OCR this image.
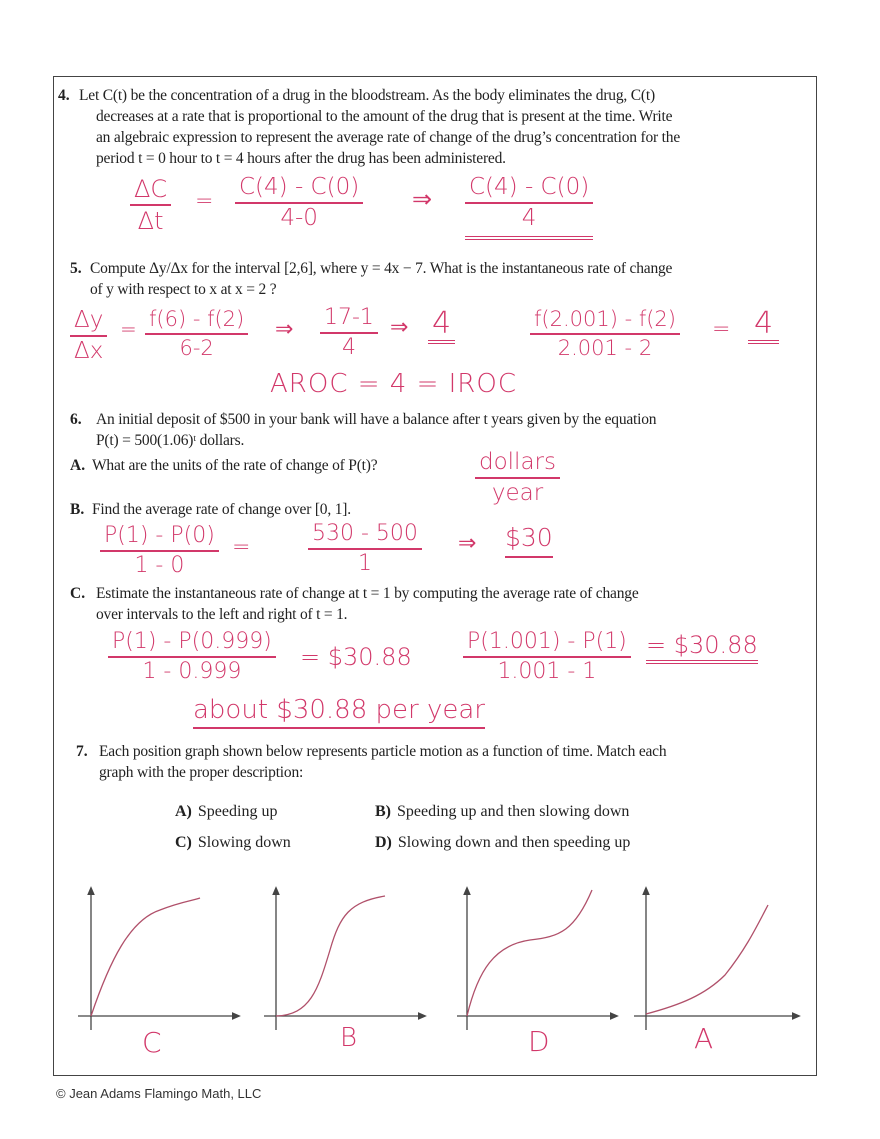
4. Let C(t) be the concentration of a drug in the bloodstream. As the body eliminates the drug, C(t)
decreases at a rate that is proportional to the amount of the drug that is present at the time. Write
an algebraic expression to represent the average rate of change of the drug’s concentration for the
period t = 0 hour to t = 4 hours after the drug has been administered.
$\frac{\Delta C}{\Delta t} = \frac{C(4) - C(0)}{4-0}$ ⇒ $\frac{C(4) - C(0)}{4}$
5. Compute Δy/Δx for the interval [2,6], where y = 4x − 7. What is the instantaneous rate of change
of y with respect to x at x = 2 ?
$\frac{\Delta y}{\Delta x} = \frac{f(6) - f(2)}{6-2}$ ⇒ $\frac{17-1}{4}$ ⇒ 4	$\frac{f(2.001) - f(2)}{2.001 - 2} = 4$
AROC = 4 = IROC
6. An initial deposit of $500 in your bank will have a balance after t years given by the equation
P(t) = 500(1.06)ᵗ dollars.
A. What are the units of the rate of change of P(t)?	dollars
year
B. Find the average rate of change over [0, 1].
$\frac{P(1) - P(0)}{1 - 0}$ =	$\frac{530 - 500}{1}$ ⇒ $30
C. Estimate the instantaneous rate of change at t = 1 by computing the average rate of change
over intervals to the left and right of t = 1.
$\frac{P(1) - P(0.999)}{1 - 0.999}$ = $30.88 $\frac{P(1.001) - P(1)}{1.001 - 1}$ = $30.88
about $30.88 per year
7. Each position graph shown below represents particle motion as a function of time. Match each
graph with the proper description:
A) Speeding up	B) Speeding up and then slowing down
C) Slowing down	D) Slowing down and then speeding up
C	B	D	A
© Jean Adams Flamingo Math, LLC
